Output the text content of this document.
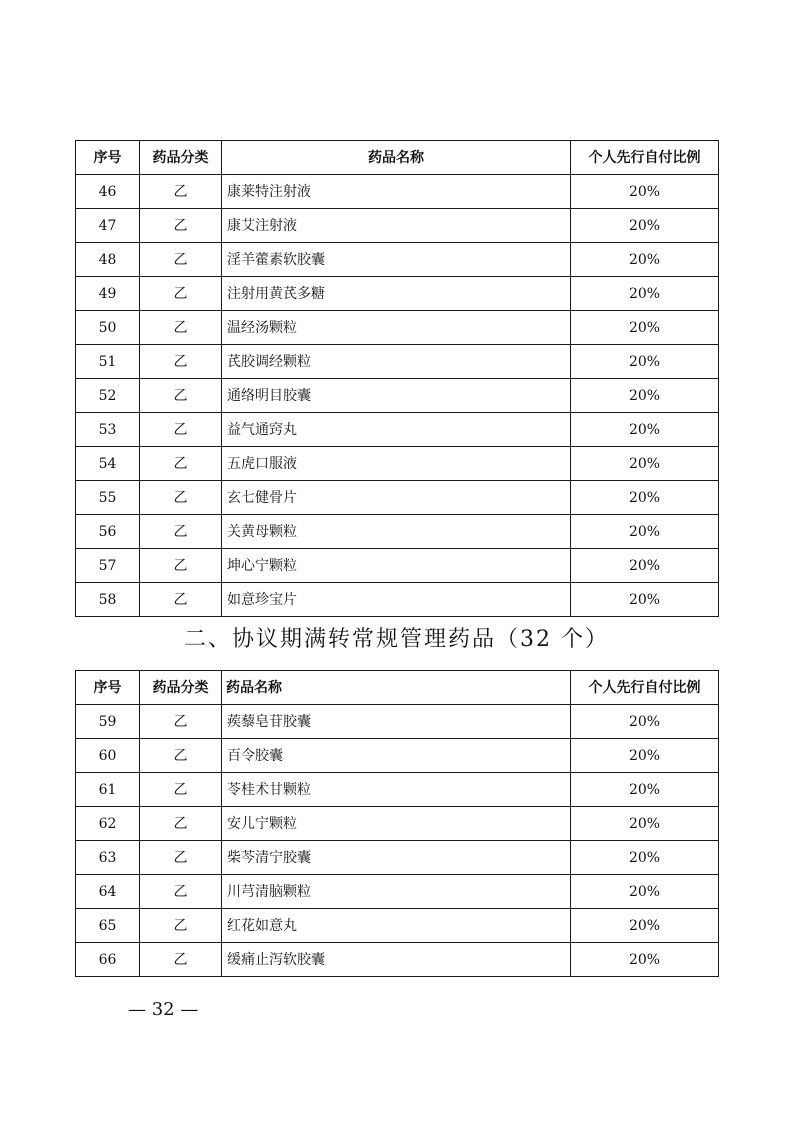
序号	药品分类	药品名称	个人先行自付比例
46	乙	康莱特注射液	20%
47	乙	康艾注射液	20%
48	乙	淫羊藿素软胶囊	20%
49	乙	注射用黄芪多糖	20%
50	乙	温经汤颗粒	20%
51	乙	芪胶调经颗粒	20%
52	乙	通络明目胶囊	20%
53	乙	益气通窍丸	20%
54	乙	五虎口服液	20%
55	乙	玄七健骨片	20%
56	乙	关黄母颗粒	20%
57	乙	坤心宁颗粒	20%
58	乙	如意珍宝片	20%
二、协议期满转常规管理药品（32 个）
序号	药品分类	药品名称	个人先行自付比例
59	乙	蒺藜皂苷胶囊	20%
60	乙	百令胶囊	20%
61	乙	苓桂术甘颗粒	20%
62	乙	安儿宁颗粒	20%
63	乙	柴芩清宁胶囊	20%
64	乙	川芎清脑颗粒	20%
65	乙	红花如意丸	20%
66	乙	缓痛止泻软胶囊	20%
— 32 —
